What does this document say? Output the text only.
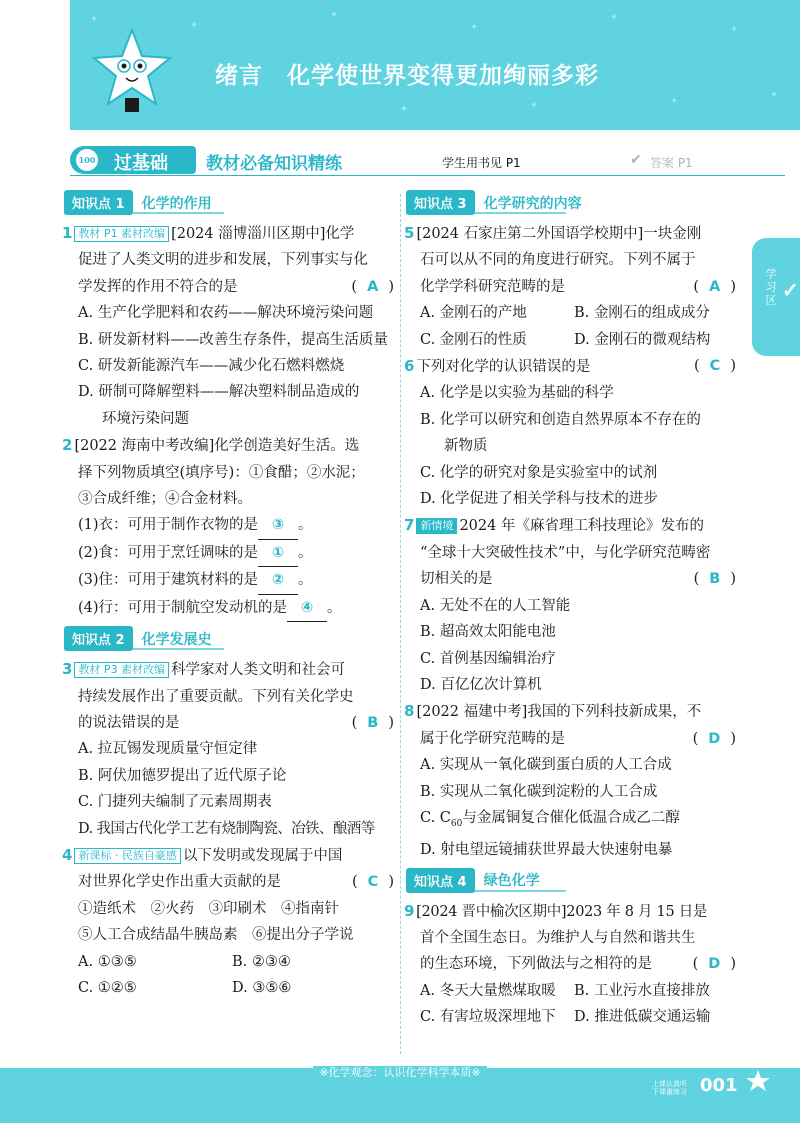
✦
✦
✦
✦
✦
✦
✦
✦	✦
✦
绪言　化学使世界变得更加绚丽多彩
100 过基础 教材必备知识精练	学生用书见 P1	✔ 答案 P1
知识点 1 化学的作用
1 教材 P1 素材改编 [2024 淄博淄川区期中]化学
促进了人类文明的进步和发展，下列事实与化
学发挥的作用不符合的是	( A )
A. 生产化学肥料和农药——解决环境污染问题
B. 研发新材料——改善生存条件，提高生活质量
C. 研发新能源汽车——减少化石燃料燃烧
D. 研制可降解塑料——解决塑料制品造成的
环境污染问题
2 [2022 海南中考改编]化学创造美好生活。选
择下列物质填空(填序号)：①食醋；②水泥；
③合成纤维；④合金材料。
(1)衣：可用于制作衣物的是 ③ 。
(2)食：可用于烹饪调味的是 ① 。
(3)住：可用于建筑材料的是 ② 。
(4)行：可用于制航空发动机的是 ④ 。
知识点 2 化学发展史
3 教材 P3 素材改编 科学家对人类文明和社会可
持续发展作出了重要贡献。下列有关化学史
的说法错误的是	( B )
A. 拉瓦锡发现质量守恒定律
B. 阿伏加德罗提出了近代原子论
C. 门捷列夫编制了元素周期表
D. 我国古代化学工艺有烧制陶瓷、冶铁、酿酒等
4 新课标 · 民族自豪感 以下发明或发现属于中国
对世界化学史作出重大贡献的是	( C )
①造纸术　②火药　③印刷术　④指南针
⑤人工合成结晶牛胰岛素　⑥提出分子学说
A. ①③⑤	B. ②③④
C. ①②⑤	D. ③⑤⑥
知识点 3 化学研究的内容
5 [2024 石家庄第二外国语学校期中]一块金刚
石可以从不同的角度进行研究。下列不属于
化学学科研究范畴的是	( A )
A. 金刚石的产地	B. 金刚石的组成成分
C. 金刚石的性质	D. 金刚石的微观结构
6 下列对化学的认识错误的是	( C )
A. 化学是以实验为基础的科学
B. 化学可以研究和创造自然界原本不存在的
新物质
C. 化学的研究对象是实验室中的试剂
D. 化学促进了相关学科与技术的进步
7 新情境 2024 年《麻省理工科技理论》发布的
“全球十大突破性技术”中，与化学研究范畴密
切相关的是	( B )
A. 无处不在的人工智能
B. 超高效太阳能电池
C. 首例基因编辑治疗
D. 百亿亿次计算机
8 [2022 福建中考]我国的下列科技新成果，不
属于化学研究范畴的是	( D )
A. 实现从一氧化碳到蛋白质的人工合成
B. 实现从二氧化碳到淀粉的人工合成
C. $C_{60}$与金属铜复合催化低温合成乙二醇
D. 射电望远镜捕获世界最大快速射电暴
知识点 4 绿色化学
9 [2024 晋中榆次区期中]2023 年 8 月 15 日是
首个全国生态日。为维护人与自然和谐共生
的生态环境，下列做法与之相符的是	( D )
A. 冬天大量燃煤取暖	B. 工业污水直接排放
C. 有害垃圾深埋地下	D. 推进低碳交通运输
学习区 ✓
※化学观念：认识化学科学本质※
上课认真听 下课重练习 001
